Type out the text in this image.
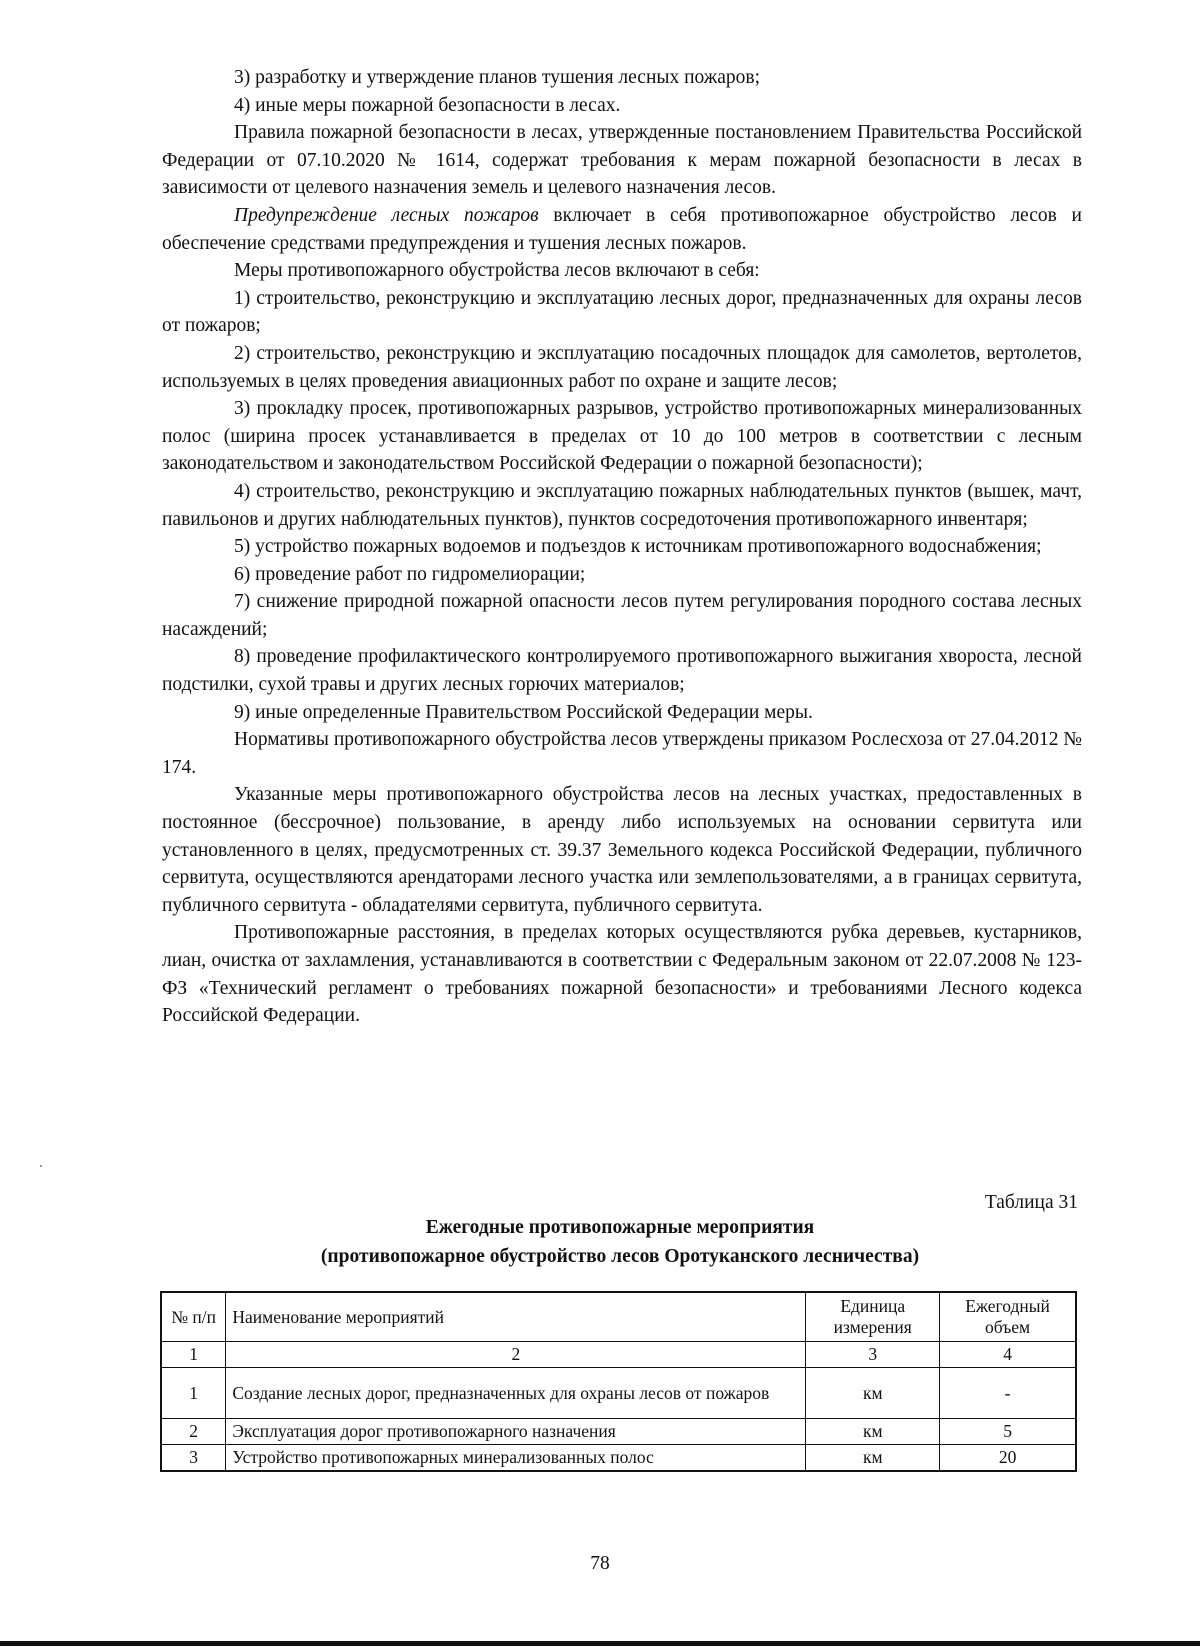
3) разработку и утверждение планов тушения лесных пожаров;

4) иные меры пожарной безопасности в лесах.

Правила пожарной безопасности в лесах, утвержденные постановлением Правительства Российской Федерации от 07.10.2020 № 1614, содержат требования к мерам пожарной безопасности в лесах в зависимости от целевого назначения земель и целевого назначения лесов.

Предупреждение лесных пожаров включает в себя противопожарное обустройство лесов и обеспечение средствами предупреждения и тушения лесных пожаров.

Меры противопожарного обустройства лесов включают в себя:

1) строительство, реконструкцию и эксплуатацию лесных дорог, предназначенных для охраны лесов от пожаров;

2) строительство, реконструкцию и эксплуатацию посадочных площадок для самолетов, вертолетов, используемых в целях проведения авиационных работ по охране и защите лесов;

3) прокладку просек, противопожарных разрывов, устройство противопожарных минерализованных полос (ширина просек устанавливается в пределах от 10 до 100 метров в соответствии с лесным законодательством и законодательством Российской Федерации о пожарной безопасности);

4) строительство, реконструкцию и эксплуатацию пожарных наблюдательных пунктов (вышек, мачт, павильонов и других наблюдательных пунктов), пунктов сосредоточения противопожарного инвентаря;

5) устройство пожарных водоемов и подъездов к источникам противопожарного водоснабжения;

6) проведение работ по гидромелиорации;

7) снижение природной пожарной опасности лесов путем регулирования породного состава лесных насаждений;

8) проведение профилактического контролируемого противопожарного выжигания хвороста, лесной подстилки, сухой травы и других лесных горючих материалов;

9) иные определенные Правительством Российской Федерации меры.

Нормативы противопожарного обустройства лесов утверждены приказом Рослесхоза от 27.04.2012 № 174.

Указанные меры противопожарного обустройства лесов на лесных участках, предоставленных в постоянное (бессрочное) пользование, в аренду либо используемых на основании сервитута или установленного в целях, предусмотренных ст. 39.37 Земельного кодекса Российской Федерации, публичного сервитута, осуществляются арендаторами лесного участка или землепользователями, а в границах сервитута, публичного сервитута - обладателями сервитута, публичного сервитута.

Противопожарные расстояния, в пределах которых осуществляются рубка деревьев, кустарников, лиан, очистка от захламления, устанавливаются в соответствии с Федеральным законом от 22.07.2008 № 123-ФЗ «Технический регламент о требованиях пожарной безопасности» и требованиями Лесного кодекса Российской Федерации.

Таблица 31
Ежегодные противопожарные мероприятия
(противопожарное обустройство лесов Оротуканского лесничества)
№ п/п	Наименование мероприятий	Единица измерения	Ежегодный объем
1	2	3	4
1	Создание лесных дорог, предназначенных для охраны лесов от пожаров	км	-
2	Эксплуатация дорог противопожарного назначения	км	5
3	Устройство противопожарных минерализованных полос	км	20
78
